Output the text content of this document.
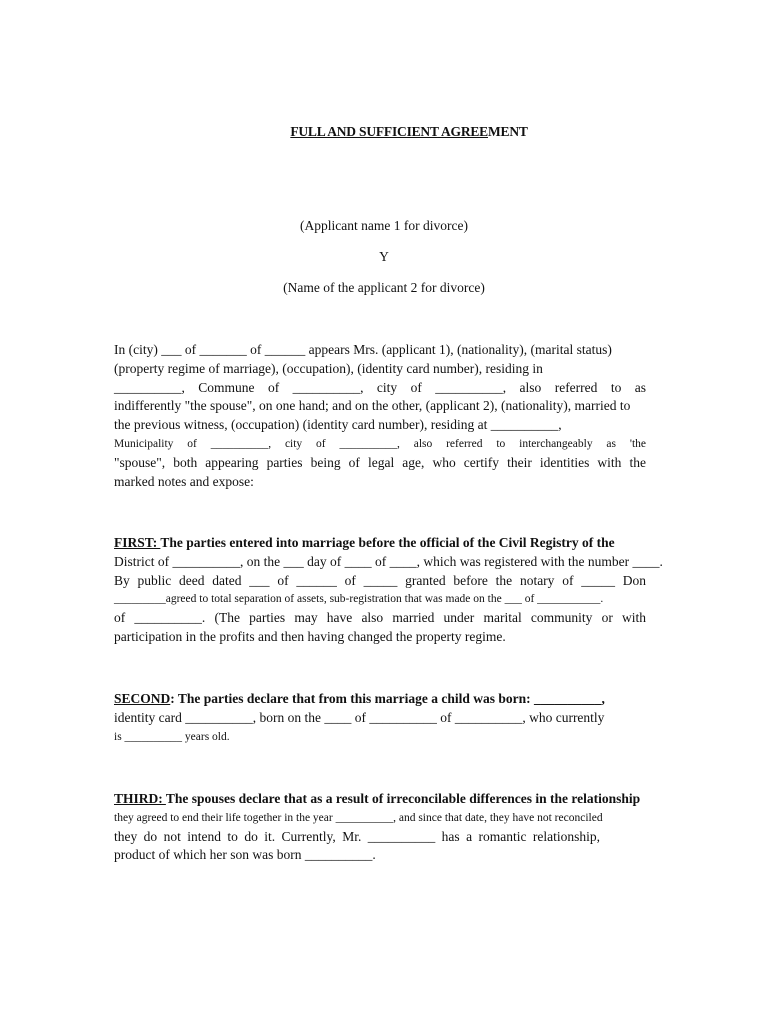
FULL AND SUFFICIENT AGREEMENT
(Applicant name 1 for divorce)
Y
(Name of the applicant 2 for divorce)
In (city) ___ of _______ of ______ appears Mrs. (applicant 1), (nationality), (marital status)
(property regime of marriage), (occupation), (identity card number), residing in
__________, Commune of __________, city of __________, also referred to as
indifferently "the spouse", on one hand; and on the other, (applicant 2), (nationality), married to
the previous witness, (occupation) (identity card number), residing at __________,
Municipality of __________, city of __________, also referred to interchangeably as 'the
"spouse", both appearing parties being of legal age, who certify their identities with the
marked notes and expose:
FIRST: The parties entered into marriage before the official of the Civil Registry of the
District of __________, on the ___ day of ____ of ____, which was registered with the number ____.
By public deed dated ___ of ______ of _____ granted before the notary of _____ Don
_________agreed to total separation of assets, sub-registration that was made on the ___ of ___________.
of __________. (The parties may have also married under marital community or with
participation in the profits and then having changed the property regime.
SECOND: The parties declare that from this marriage a child was born: __________,
identity card __________, born on the ____ of __________ of __________, who currently
is __________ years old.
THIRD: The spouses declare that as a result of irreconcilable differences in the relationship
they agreed to end their life together in the year __________, and since that date, they have not reconciled
they do not intend to do it. Currently, Mr. __________ has a romantic relationship,
product of which her son was born __________.
